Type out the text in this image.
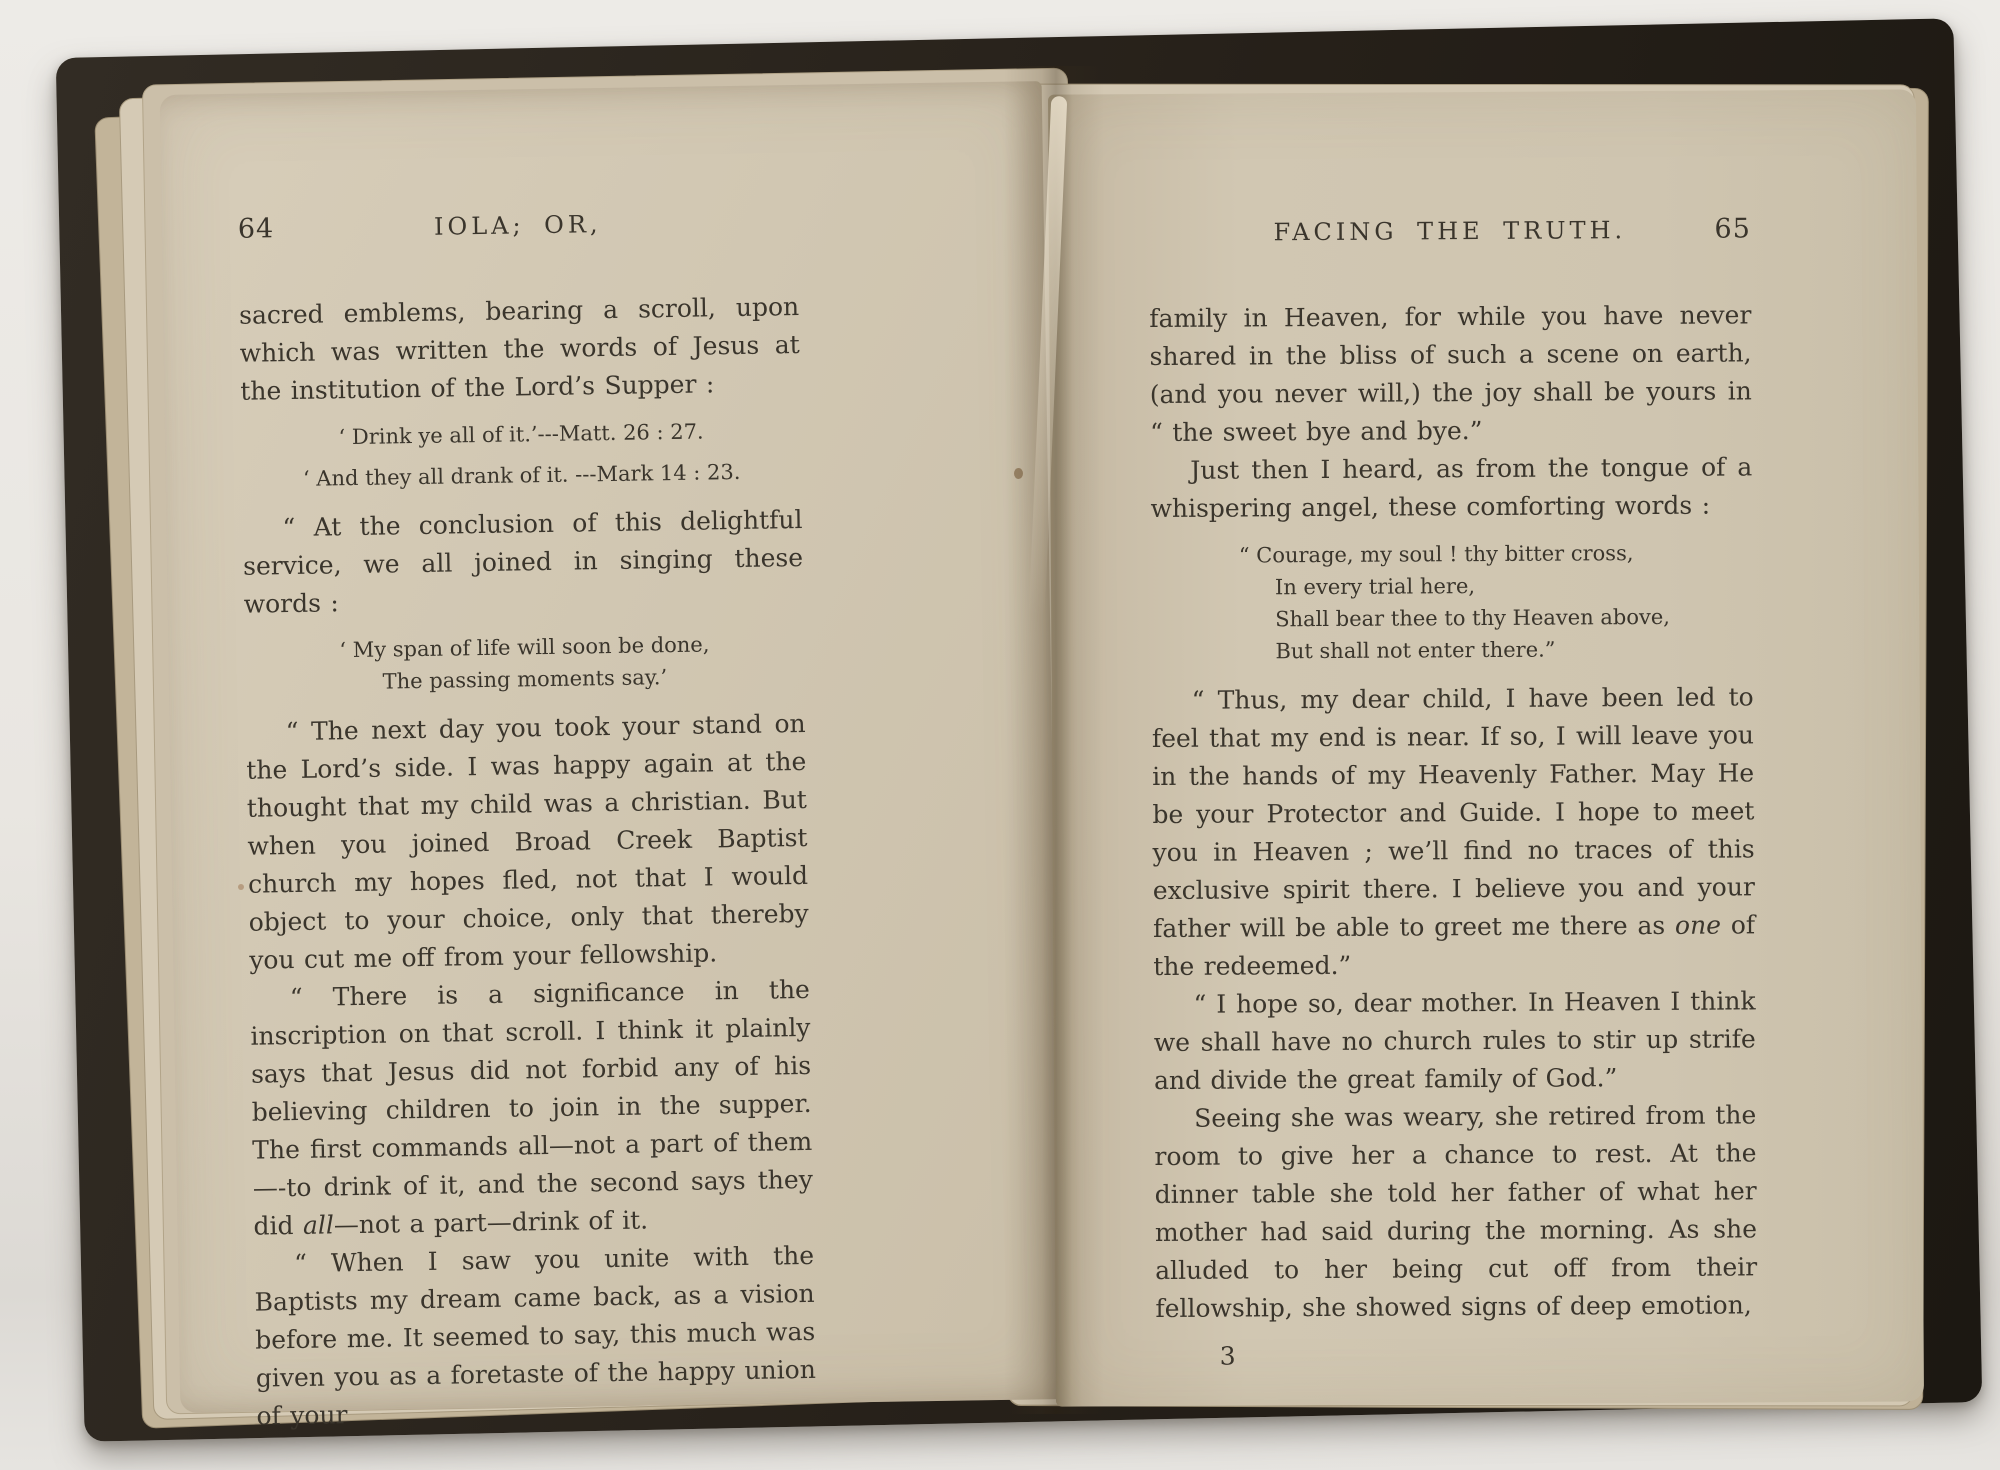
64	IOLA; OR,

sacred emblems, bearing a scroll, upon which was written the words of Jesus at the institution of the Lord’s Supper :

‘ Drink ye all of it.’---Matt. 26 : 27.
‘ And they all drank of it. ---Mark 14 : 23.

“ At the conclusion of this delightful service, we all joined in singing these words :

‘ My span of life will soon be done,
The passing moments say.’

“ The next day you took your stand on the Lord’s side. I was happy again at the thought that my child was a christian. But when you joined Broad Creek Baptist church my hopes fled, not that I would object to your choice, only that thereby you cut me off from your fellowship.

“ There is a significance in the inscription on that scroll. I think it plainly says that Jesus did not forbid any of his believing children to join in the supper. The first commands all—not a part of them—-to drink of it, and the second says they did all—not a part—drink of it.

“ When I saw you unite with the Baptists my dream came back, as a vision before me. It seemed to say, this much was given you as a foretaste of the happy union of your

FACING THE TRUTH.	65

family in Heaven, for while you have never shared in the bliss of such a scene on earth, (and you never will,) the joy shall be yours in “ the sweet bye and bye.”

Just then I heard, as from the tongue of a whispering angel, these comforting words :

“ Courage, my soul ! thy bitter cross,
In every trial here,
Shall bear thee to thy Heaven above,
But shall not enter there.”

“ Thus, my dear child, I have been led to feel that my end is near. If so, I will leave you in the hands of my Heavenly Father. May He be your Protector and Guide. I hope to meet you in Heaven ; we’ll find no traces of this exclusive spirit there. I believe you and your father will be able to greet me there as one of the redeemed.”

“ I hope so, dear mother. In Heaven I think we shall have no church rules to stir up strife and divide the great family of God.”

Seeing she was weary, she retired from the room to give her a chance to rest. At the dinner table she told her father of what her mother had said during the morning. As she alluded to her being cut off from their fellowship, she showed signs of deep emotion,

3
